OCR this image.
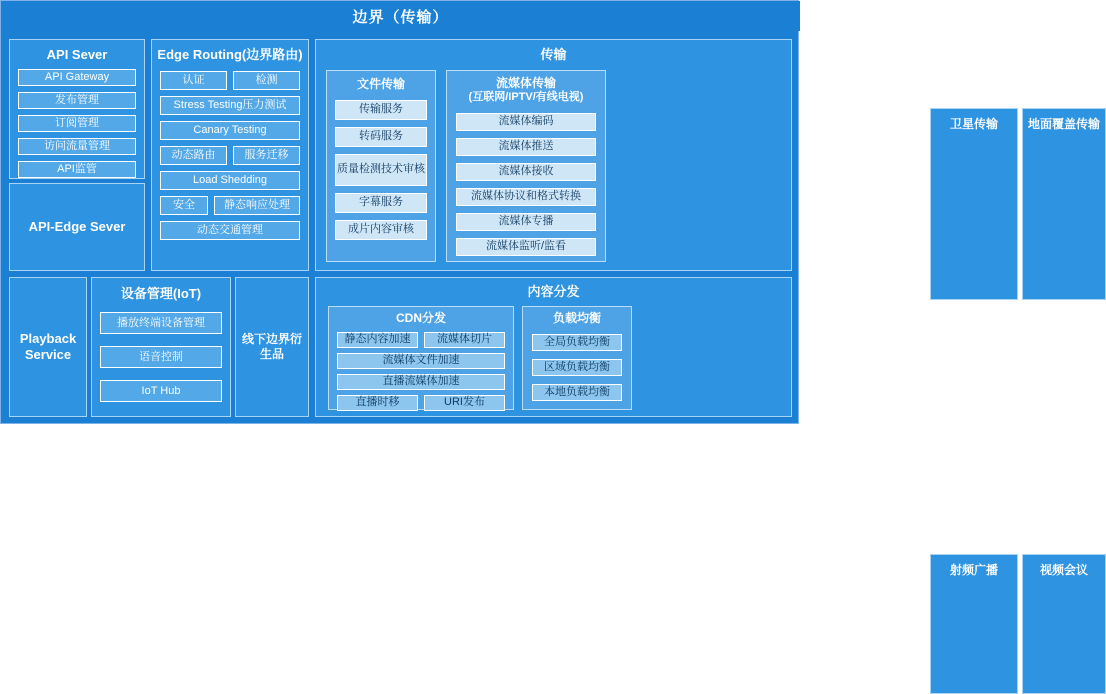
边界（传输）
API Sever
API Gateway
发布管理
订阅管理
访问流量管理
API监管
API-Edge Sever
Playback Service
Edge Routing(边界路由)
认证	检测
Stress Testing压力测试
Canary Testing
动态路由	服务迁移
Load Shedding
安全	静态响应处理
动态交通管理
设备管理(IoT)
播放终端设备管理
语音控制
IoT Hub
线下边界衍生品
传输
文件传输
传输服务
转码服务
质量检测技术审核
字幕服务
成片内容审核
流媒体传输
(互联网/IPTV/有线电视)
流媒体编码
流媒体推送
流媒体接收
流媒体协议和格式转换
流媒体专播
流媒体监听/监看
卫星传输	地面覆盖传输
内容分发
CDN分发
静态内容加速	流媒体切片
流媒体文件加速
直播流媒体加速
直播时移	URI发布
负载均衡
全局负载均衡
区域负载均衡
本地负载均衡
射频广播	视频会议
